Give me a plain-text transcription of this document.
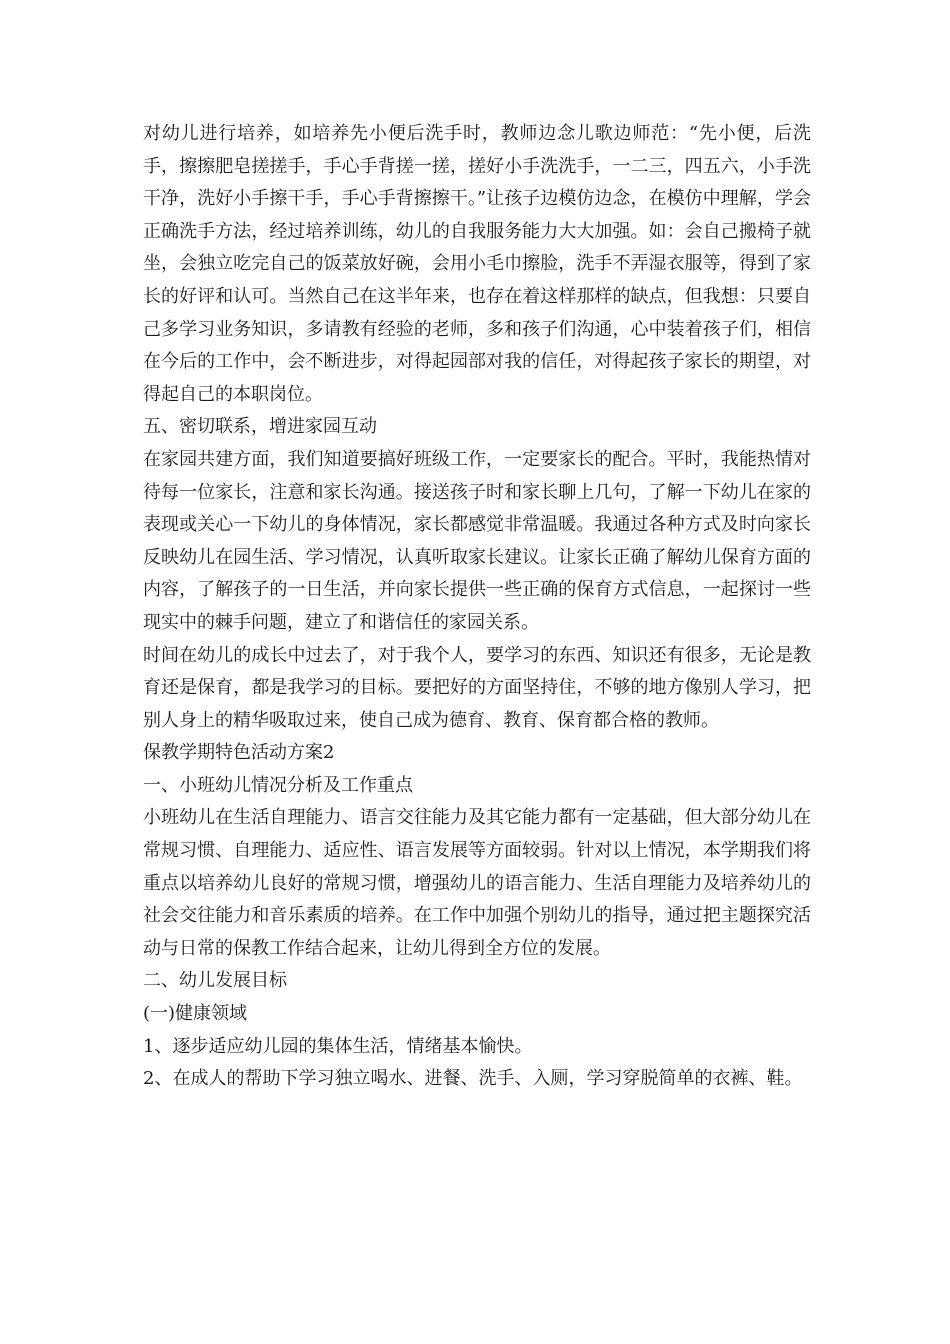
对幼儿进行培养，如培养先小便后洗手时，教师边念儿歌边师范：“先小便，后洗手，擦擦肥皂搓搓手，手心手背搓一搓，搓好小手洗洗手，一二三，四五六，小手洗干净，洗好小手擦干手，手心手背擦擦干。”让孩子边模仿边念，在模仿中理解，学会正确洗手方法，经过培养训练，幼儿的自我服务能力大大加强。如：会自己搬椅子就坐，会独立吃完自己的饭菜放好碗，会用小毛巾擦脸，洗手不弄湿衣服等，得到了家长的好评和认可。当然自己在这半年来，也存在着这样那样的缺点，但我想：只要自己多学习业务知识，多请教有经验的老师，多和孩子们沟通，心中装着孩子们，相信在今后的工作中，会不断进步，对得起园部对我的信任，对得起孩子家长的期望，对得起自己的本职岗位。

五、密切联系，增进家园互动

在家园共建方面，我们知道要搞好班级工作，一定要家长的配合。平时，我能热情对待每一位家长，注意和家长沟通。接送孩子时和家长聊上几句，了解一下幼儿在家的表现或关心一下幼儿的身体情况，家长都感觉非常温暖。我通过各种方式及时向家长反映幼儿在园生活、学习情况，认真听取家长建议。让家长正确了解幼儿保育方面的内容，了解孩子的一日生活，并向家长提供一些正确的保育方式信息，一起探讨一些现实中的棘手问题，建立了和谐信任的家园关系。

时间在幼儿的成长中过去了，对于我个人，要学习的东西、知识还有很多，无论是教育还是保育，都是我学习的目标。要把好的方面坚持住，不够的地方像别人学习，把别人身上的精华吸取过来，使自己成为德育、教育、保育都合格的教师。

保教学期特色活动方案2

一、小班幼儿情况分析及工作重点

小班幼儿在生活自理能力、语言交往能力及其它能力都有一定基础，但大部分幼儿在常规习惯、自理能力、适应性、语言发展等方面较弱。针对以上情况，本学期我们将重点以培养幼儿良好的常规习惯，增强幼儿的语言能力、生活自理能力及培养幼儿的社会交往能力和音乐素质的培养。在工作中加强个别幼儿的指导，通过把主题探究活动与日常的保教工作结合起来，让幼儿得到全方位的发展。

二、幼儿发展目标

(一)健康领域

1、逐步适应幼儿园的集体生活，情绪基本愉快。

2、在成人的帮助下学习独立喝水、进餐、洗手、入厕，学习穿脱简单的衣裤、鞋。
